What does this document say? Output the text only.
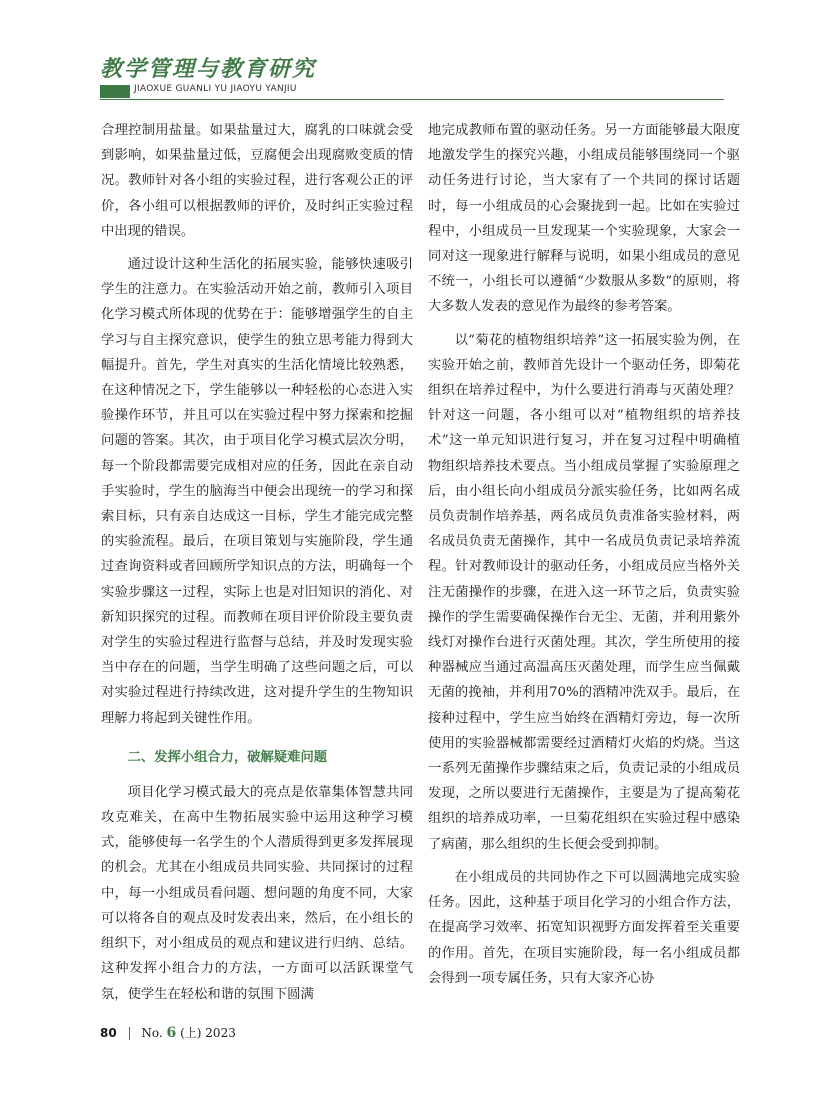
教学管理与教育研究
JIAOXUE GUANLI YU JIAOYU YANJIU

合理控制用盐量。如果盐量过大，腐乳的口味就会受到影响，如果盐量过低，豆腐便会出现腐败变质的情况。教师针对各小组的实验过程，进行客观公正的评价，各小组可以根据教师的评价，及时纠正实验过程中出现的错误。

通过设计这种生活化的拓展实验，能够快速吸引学生的注意力。在实验活动开始之前，教师引入项目化学习模式所体现的优势在于：能够增强学生的自主学习与自主探究意识，使学生的独立思考能力得到大幅提升。首先，学生对真实的生活化情境比较熟悉，在这种情况之下，学生能够以一种轻松的心态进入实验操作环节，并且可以在实验过程中努力探索和挖掘问题的答案。其次，由于项目化学习模式层次分明，每一个阶段都需要完成相对应的任务，因此在亲自动手实验时，学生的脑海当中便会出现统一的学习和探索目标，只有亲自达成这一目标，学生才能完成完整的实验流程。最后，在项目策划与实施阶段，学生通过查询资料或者回顾所学知识点的方法，明确每一个实验步骤这一过程，实际上也是对旧知识的消化、对新知识探究的过程。而教师在项目评价阶段主要负责对学生的实验过程进行监督与总结，并及时发现实验当中存在的问题，当学生明确了这些问题之后，可以对实验过程进行持续改进，这对提升学生的生物知识理解力将起到关键性作用。

二、发挥小组合力，破解疑难问题

项目化学习模式最大的亮点是依靠集体智慧共同攻克难关，在高中生物拓展实验中运用这种学习模式，能够使每一名学生的个人潜质得到更多发挥展现的机会。尤其在小组成员共同实验、共同探讨的过程中，每一小组成员看问题、想问题的角度不同，大家可以将各自的观点及时发表出来，然后，在小组长的组织下，对小组成员的观点和建议进行归纳、总结。这种发挥小组合力的方法，一方面可以活跃课堂气氛，使学生在轻松和谐的氛围下圆满

地完成教师布置的驱动任务。另一方面能够最大限度地激发学生的探究兴趣，小组成员能够围绕同一个驱动任务进行讨论，当大家有了一个共同的探讨话题时，每一小组成员的心会聚拢到一起。比如在实验过程中，小组成员一旦发现某一个实验现象，大家会一同对这一现象进行解释与说明，如果小组成员的意见不统一，小组长可以遵循“少数服从多数”的原则，将大多数人发表的意见作为最终的参考答案。

以“菊花的植物组织培养”这一拓展实验为例，在实验开始之前，教师首先设计一个驱动任务，即菊花组织在培养过程中，为什么要进行消毒与灭菌处理？针对这一问题，各小组可以对“植物组织的培养技术”这一单元知识进行复习，并在复习过程中明确植物组织培养技术要点。当小组成员掌握了实验原理之后，由小组长向小组成员分派实验任务，比如两名成员负责制作培养基，两名成员负责准备实验材料，两名成员负责无菌操作，其中一名成员负责记录培养流程。针对教师设计的驱动任务，小组成员应当格外关注无菌操作的步骤，在进入这一环节之后，负责实验操作的学生需要确保操作台无尘、无菌，并利用紫外线灯对操作台进行灭菌处理。其次，学生所使用的接种器械应当通过高温高压灭菌处理，而学生应当佩戴无菌的挽袖，并利用70%的酒精冲洗双手。最后，在接种过程中，学生应当始终在酒精灯旁边，每一次所使用的实验器械都需要经过酒精灯火焰的灼烧。当这一系列无菌操作步骤结束之后，负责记录的小组成员发现，之所以要进行无菌操作，主要是为了提高菊花组织的培养成功率，一旦菊花组织在实验过程中感染了病菌，那么组织的生长便会受到抑制。

在小组成员的共同协作之下可以圆满地完成实验任务。因此，这种基于项目化学习的小组合作方法，在提高学习效率、拓宽知识视野方面发挥着至关重要的作用。首先，在项目实施阶段，每一名小组成员都会得到一项专属任务，只有大家齐心协

80 No. 6 (上) 2023
